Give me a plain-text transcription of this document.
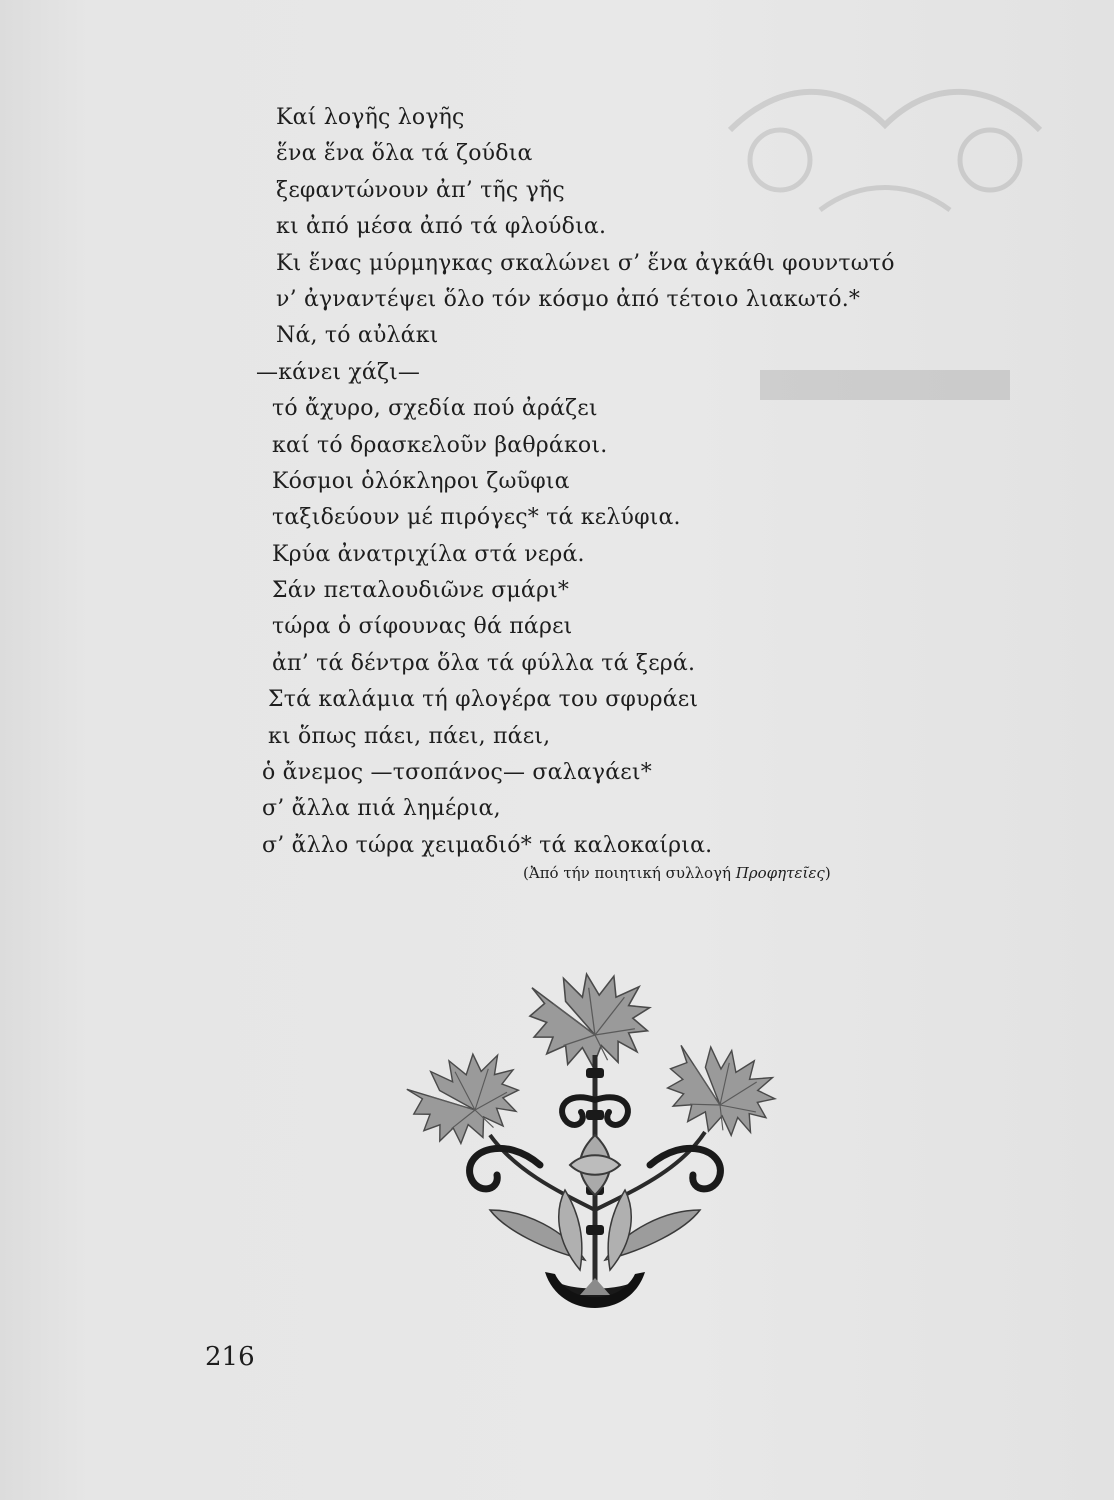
Καί λογῆς λογῆς
ἕνα ἕνα ὅλα τά ζούδια
ξεφαντώνουν ἀπ’ τῆς γῆς
κι ἀπό μέσα ἀπό τά φλούδια.
Κι ἕνας μύρμηγκας σκαλώνει σ’ ἕνα ἀγκάθι φουντωτό
ν’ ἀγναντέψει ὅλο τόν κόσμο ἀπό τέτοιο λιακωτό.*
Νά, τό αὐλάκι
—κάνει χάζι—
τό ἄχυρο, σχεδία πού ἀράζει
καί τό δρασκελοῦν βαθράκοι.
Κόσμοι ὁλόκληροι ζωῦφια
ταξιδεύουν μέ πιρόγες* τά κελύφια.
Κρύα ἀνατριχίλα στά νερά.
Σάν πεταλουδιῶνε σμάρι*
τώρα ὁ σίφουνας θά πάρει
ἀπ’ τά δέντρα ὅλα τά φύλλα τά ξερά.
Στά καλάμια τή φλογέρα του σφυράει
κι ὅπως πάει, πάει, πάει,
ὁ ἄνεμος —τσοπάνος— σαλαγάει*
σ’ ἄλλα πιά λημέρια,
σ’ ἄλλο τώρα χειμαδιό* τά καλοκαίρια.
(Ἀπό τήν ποιητική συλλογή Προφητεῖες)
216
